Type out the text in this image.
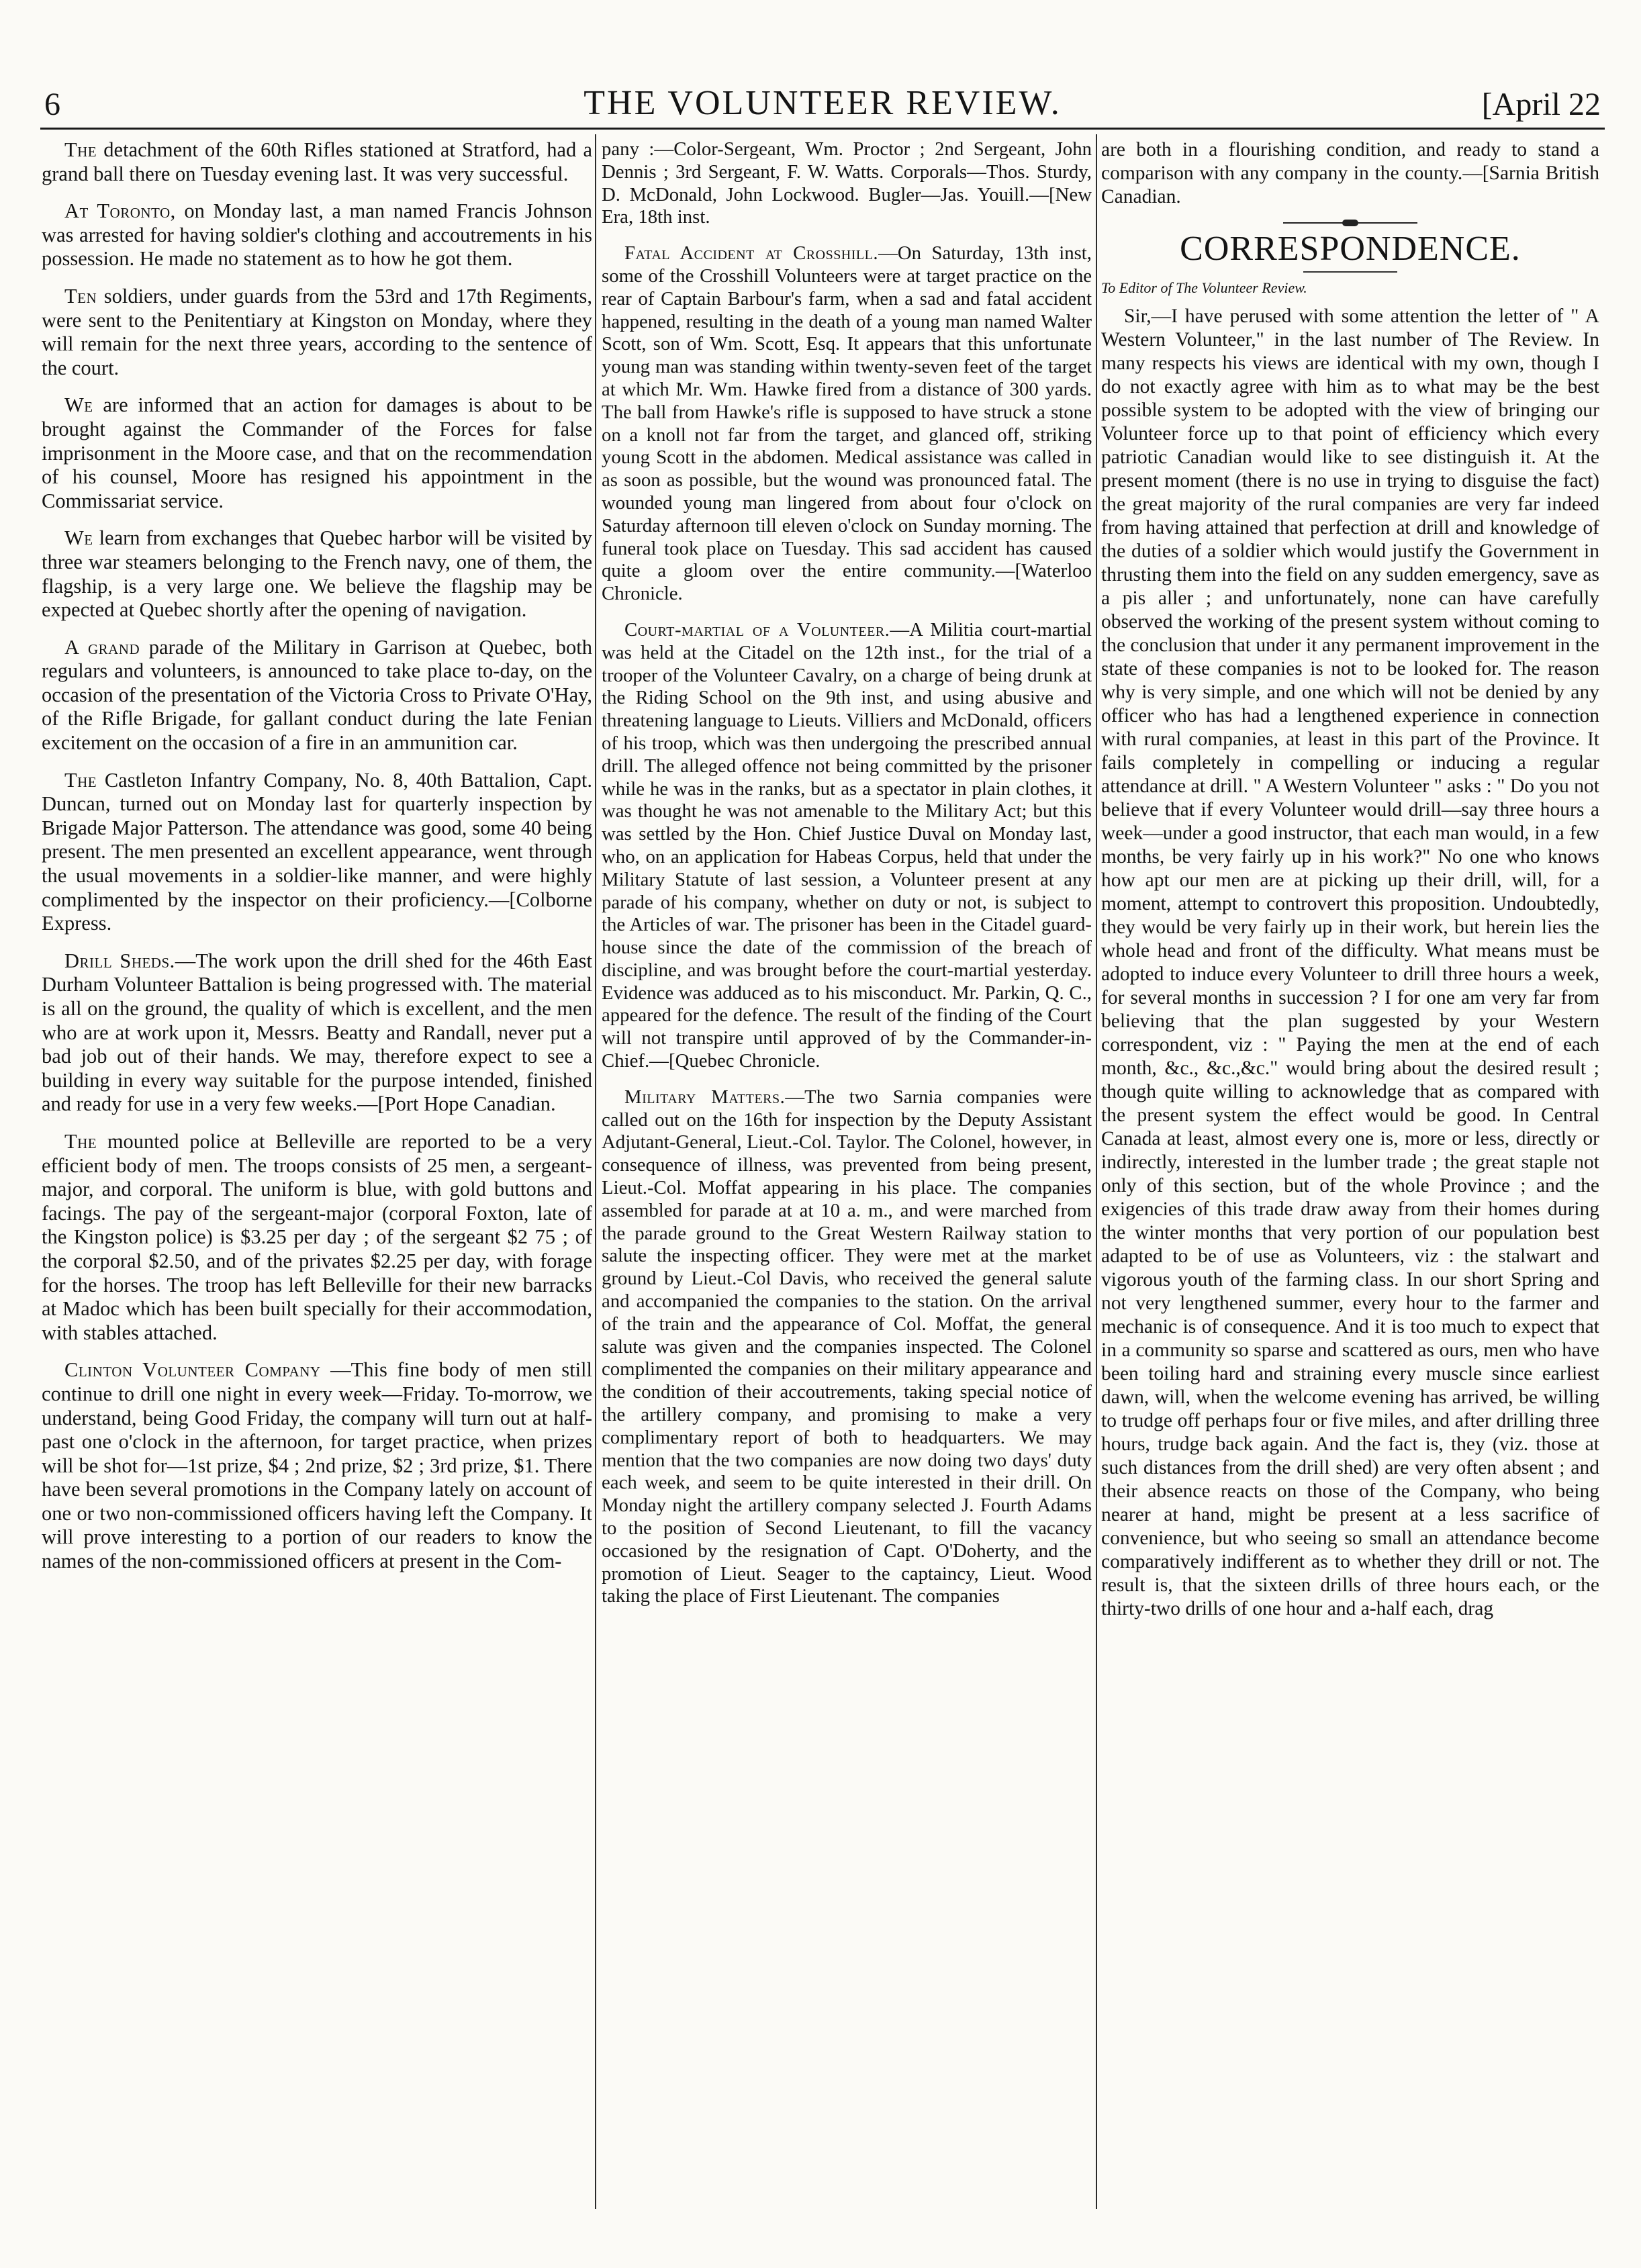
6	THE VOLUNTEER REVIEW.	[April 22

The detachment of the 60th Rifles stationed at Stratford, had a grand ball there on Tuesday evening last. It was very successful.

At Toronto, on Monday last, a man named Francis Johnson was arrested for having soldier's clothing and accoutrements in his possession. He made no statement as to how he got them.

Ten soldiers, under guards from the 53rd and 17th Regiments, were sent to the Penitentiary at Kingston on Monday, where they will remain for the next three years, according to the sentence of the court.

We are informed that an action for damages is about to be brought against the Commander of the Forces for false imprisonment in the Moore case, and that on the recommendation of his counsel, Moore has resigned his appointment in the Commissariat service.

We learn from exchanges that Quebec harbor will be visited by three war steamers belonging to the French navy, one of them, the flagship, is a very large one. We believe the flagship may be expected at Quebec shortly after the opening of navigation.

A grand parade of the Military in Garrison at Quebec, both regulars and volunteers, is announced to take place to-day, on the occasion of the presentation of the Victoria Cross to Private O'Hay, of the Rifle Brigade, for gallant conduct during the late Fenian excitement on the occasion of a fire in an ammunition car.

The Castleton Infantry Company, No. 8, 40th Battalion, Capt. Duncan, turned out on Monday last for quarterly inspection by Brigade Major Patterson. The attendance was good, some 40 being present. The men presented an excellent appearance, went through the usual movements in a soldier-like manner, and were highly complimented by the inspector on their proficiency.—[Colborne Express.

Drill Sheds.—The work upon the drill shed for the 46th East Durham Volunteer Battalion is being progressed with. The material is all on the ground, the quality of which is excellent, and the men who are at work upon it, Messrs. Beatty and Randall, never put a bad job out of their hands. We may, therefore expect to see a building in every way suitable for the purpose intended, finished and ready for use in a very few weeks.—[Port Hope Canadian.

The mounted police at Belleville are reported to be a very efficient body of men. The troops consists of 25 men, a sergeant-major, and corporal. The uniform is blue, with gold buttons and facings. The pay of the sergeant-major (corporal Foxton, late of the Kingston police) is $3.25 per day ; of the sergeant $2 75 ; of the corporal $2.50, and of the privates $2.25 per day, with forage for the horses. The troop has left Belleville for their new barracks at Madoc which has been built specially for their accommodation, with stables attached.

Clinton Volunteer Company —This fine body of men still continue to drill one night in every week—Friday. To-morrow, we understand, being Good Friday, the company will turn out at half-past one o'clock in the afternoon, for target practice, when prizes will be shot for—1st prize, $4 ; 2nd prize, $2 ; 3rd prize, $1. There have been several promotions in the Company lately on account of one or two non-commissioned officers having left the Company. It will prove interesting to a portion of our readers to know the names of the non-commissioned officers at present in the Com-

pany :—Color-Sergeant, Wm. Proctor ; 2nd Sergeant, John Dennis ; 3rd Sergeant, F. W. Watts. Corporals—Thos. Sturdy, D. McDonald, John Lockwood. Bugler—Jas. Youill.—[New Era, 18th inst.

Fatal Accident at Crosshill.—On Saturday, 13th inst, some of the Crosshill Volunteers were at target practice on the rear of Captain Barbour's farm, when a sad and fatal accident happened, resulting in the death of a young man named Walter Scott, son of Wm. Scott, Esq. It appears that this unfortunate young man was standing within twenty-seven feet of the target at which Mr. Wm. Hawke fired from a distance of 300 yards. The ball from Hawke's rifle is supposed to have struck a stone on a knoll not far from the target, and glanced off, striking young Scott in the abdomen. Medical assistance was called in as soon as possible, but the wound was pronounced fatal. The wounded young man lingered from about four o'clock on Saturday afternoon till eleven o'clock on Sunday morning. The funeral took place on Tuesday. This sad accident has caused quite a gloom over the entire community.—[Waterloo Chronicle.

Court-martial of a Volunteer.—A Militia court-martial was held at the Citadel on the 12th inst., for the trial of a trooper of the Volunteer Cavalry, on a charge of being drunk at the Riding School on the 9th inst, and using abusive and threatening language to Lieuts. Villiers and McDonald, officers of his troop, which was then undergoing the prescribed annual drill. The alleged offence not being committed by the prisoner while he was in the ranks, but as a spectator in plain clothes, it was thought he was not amenable to the Military Act; but this was settled by the Hon. Chief Justice Duval on Monday last, who, on an application for Habeas Corpus, held that under the Military Statute of last session, a Volunteer present at any parade of his company, whether on duty or not, is subject to the Articles of war. The prisoner has been in the Citadel guard-house since the date of the commission of the breach of discipline, and was brought before the court-martial yesterday. Evidence was adduced as to his misconduct. Mr. Parkin, Q. C., appeared for the defence. The result of the finding of the Court will not transpire until approved of by the Commander-in-Chief.—[Quebec Chronicle.

Military Matters.—The two Sarnia companies were called out on the 16th for inspection by the Deputy Assistant Adjutant-General, Lieut.-Col. Taylor. The Colonel, however, in consequence of illness, was prevented from being present, Lieut.-Col. Moffat appearing in his place. The companies assembled for parade at at 10 a. m., and were marched from the parade ground to the Great Western Railway station to salute the inspecting officer. They were met at the market ground by Lieut.-Col Davis, who received the general salute and accompanied the companies to the station. On the arrival of the train and the appearance of Col. Moffat, the general salute was given and the companies inspected. The Colonel complimented the companies on their military appearance and the condition of their accoutrements, taking special notice of the artillery company, and promising to make a very complimentary report of both to headquarters. We may mention that the two companies are now doing two days' duty each week, and seem to be quite interested in their drill. On Monday night the artillery company selected J. Fourth Adams to the position of Second Lieutenant, to fill the vacancy occasioned by the resignation of Capt. O'Doherty, and the promotion of Lieut. Seager to the captaincy, Lieut. Wood taking the place of First Lieutenant. The companies

are both in a flourishing condition, and ready to stand a comparison with any company in the county.—[Sarnia British Canadian.

CORRESPONDENCE.
To Editor of The Volunteer Review.

Sir,—I have perused with some attention the letter of " A Western Volunteer," in the last number of The Review. In many respects his views are identical with my own, though I do not exactly agree with him as to what may be the best possible system to be adopted with the view of bringing our Volunteer force up to that point of efficiency which every patriotic Canadian would like to see distinguish it. At the present moment (there is no use in trying to disguise the fact) the great majority of the rural companies are very far indeed from having attained that perfection at drill and knowledge of the duties of a soldier which would justify the Government in thrusting them into the field on any sudden emergency, save as a pis aller ; and unfortunately, none can have carefully observed the working of the present system without coming to the conclusion that under it any permanent improvement in the state of these companies is not to be looked for. The reason why is very simple, and one which will not be denied by any officer who has had a lengthened experience in connection with rural companies, at least in this part of the Province. It fails completely in compelling or inducing a regular attendance at drill. " A Western Volunteer " asks : " Do you not believe that if every Volunteer would drill—say three hours a week—under a good instructor, that each man would, in a few months, be very fairly up in his work?" No one who knows how apt our men are at picking up their drill, will, for a moment, attempt to controvert this proposition. Undoubtedly, they would be very fairly up in their work, but herein lies the whole head and front of the difficulty. What means must be adopted to induce every Volunteer to drill three hours a week, for several months in succession ? I for one am very far from believing that the plan suggested by your Western correspondent, viz : " Paying the men at the end of each month, &c., &c.,&c." would bring about the desired result ; though quite willing to acknowledge that as compared with the present system the effect would be good. In Central Canada at least, almost every one is, more or less, directly or indirectly, interested in the lumber trade ; the great staple not only of this section, but of the whole Province ; and the exigencies of this trade draw away from their homes during the winter months that very portion of our population best adapted to be of use as Volunteers, viz : the stalwart and vigorous youth of the farming class. In our short Spring and not very lengthened summer, every hour to the farmer and mechanic is of consequence. And it is too much to expect that in a community so sparse and scattered as ours, men who have been toiling hard and straining every muscle since earliest dawn, will, when the welcome evening has arrived, be willing to trudge off perhaps four or five miles, and after drilling three hours, trudge back again. And the fact is, they (viz. those at such distances from the drill shed) are very often absent ; and their absence reacts on those of the Company, who being nearer at hand, might be present at a less sacrifice of convenience, but who seeing so small an attendance become comparatively indifferent as to whether they drill or not. The result is, that the sixteen drills of three hours each, or the thirty-two drills of one hour and a-half each, drag
